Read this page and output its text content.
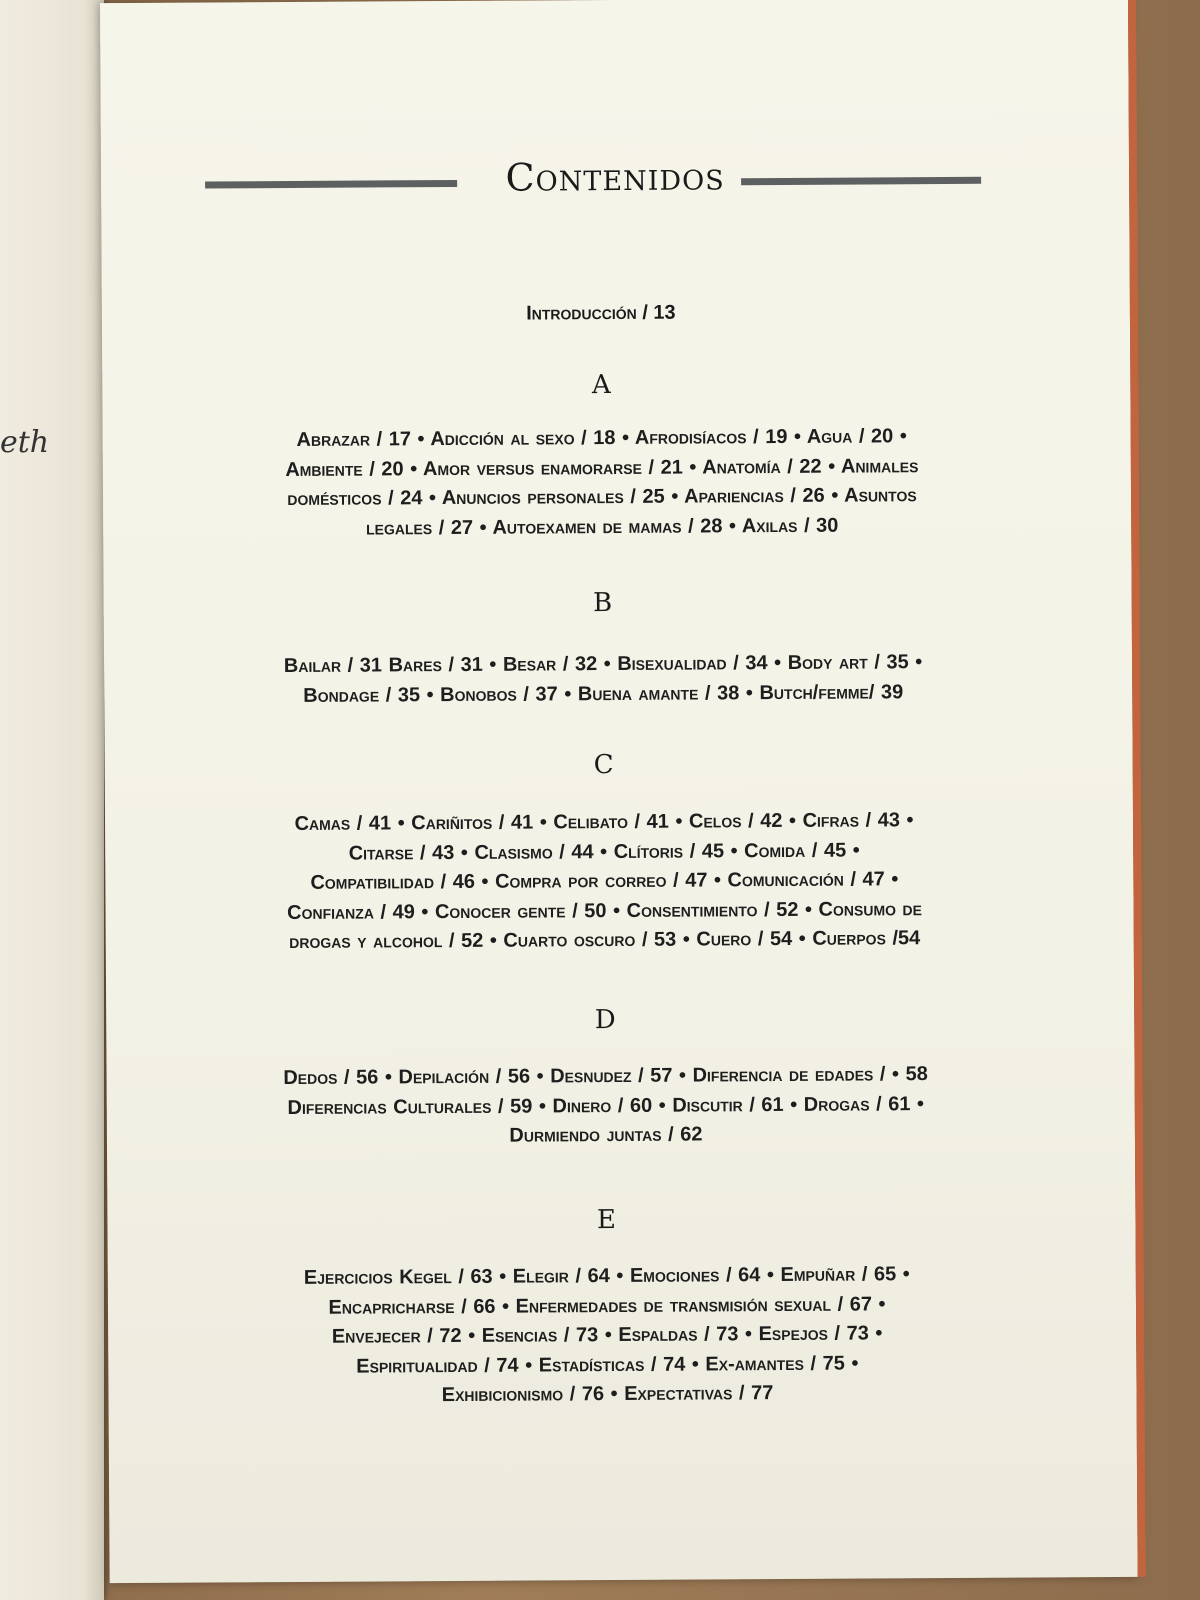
eth

Contenidos
Introducción / 13
A
Abrazar / 17 • Adicción al sexo / 18 • Afrodisíacos / 19 • Agua / 20 •
Ambiente / 20 • Amor versus enamorarse / 21 • Anatomía / 22 • Animales
domésticos / 24 • Anuncios personales / 25 • Apariencias / 26 • Asuntos
legales / 27 • Autoexamen de mamas / 28 • Axilas / 30
B
Bailar / 31 Bares / 31 • Besar / 32 • Bisexualidad / 34 • Body art / 35 •
Bondage / 35 • Bonobos / 37 • Buena amante / 38 • Butch/femme/ 39
C
Camas / 41 • Cariñitos / 41 • Celibato / 41 • Celos / 42 • Cifras / 43 •
Citarse / 43 • Clasismo / 44 • Clítoris / 45 • Comida / 45 •
Compatibilidad / 46 • Compra por correo / 47 • Comunicación / 47 •
Confianza / 49 • Conocer gente / 50 • Consentimiento / 52 • Consumo de
drogas y alcohol / 52 • Cuarto oscuro / 53 • Cuero / 54 • Cuerpos /54
D
Dedos / 56 • Depilación / 56 • Desnudez / 57 • Diferencia de edades / • 58
Diferencias Culturales / 59 • Dinero / 60 • Discutir / 61 • Drogas / 61 •
Durmiendo juntas / 62
E
Ejercicios Kegel / 63 • Elegir / 64 • Emociones / 64 • Empuñar / 65 •
Encapricharse / 66 • Enfermedades de transmisión sexual / 67 •
Envejecer / 72 • Esencias / 73 • Espaldas / 73 • Espejos / 73 •
Espiritualidad / 74 • Estadísticas / 74 • Ex-amantes / 75 •
Exhibicionismo / 76 • Expectativas / 77
